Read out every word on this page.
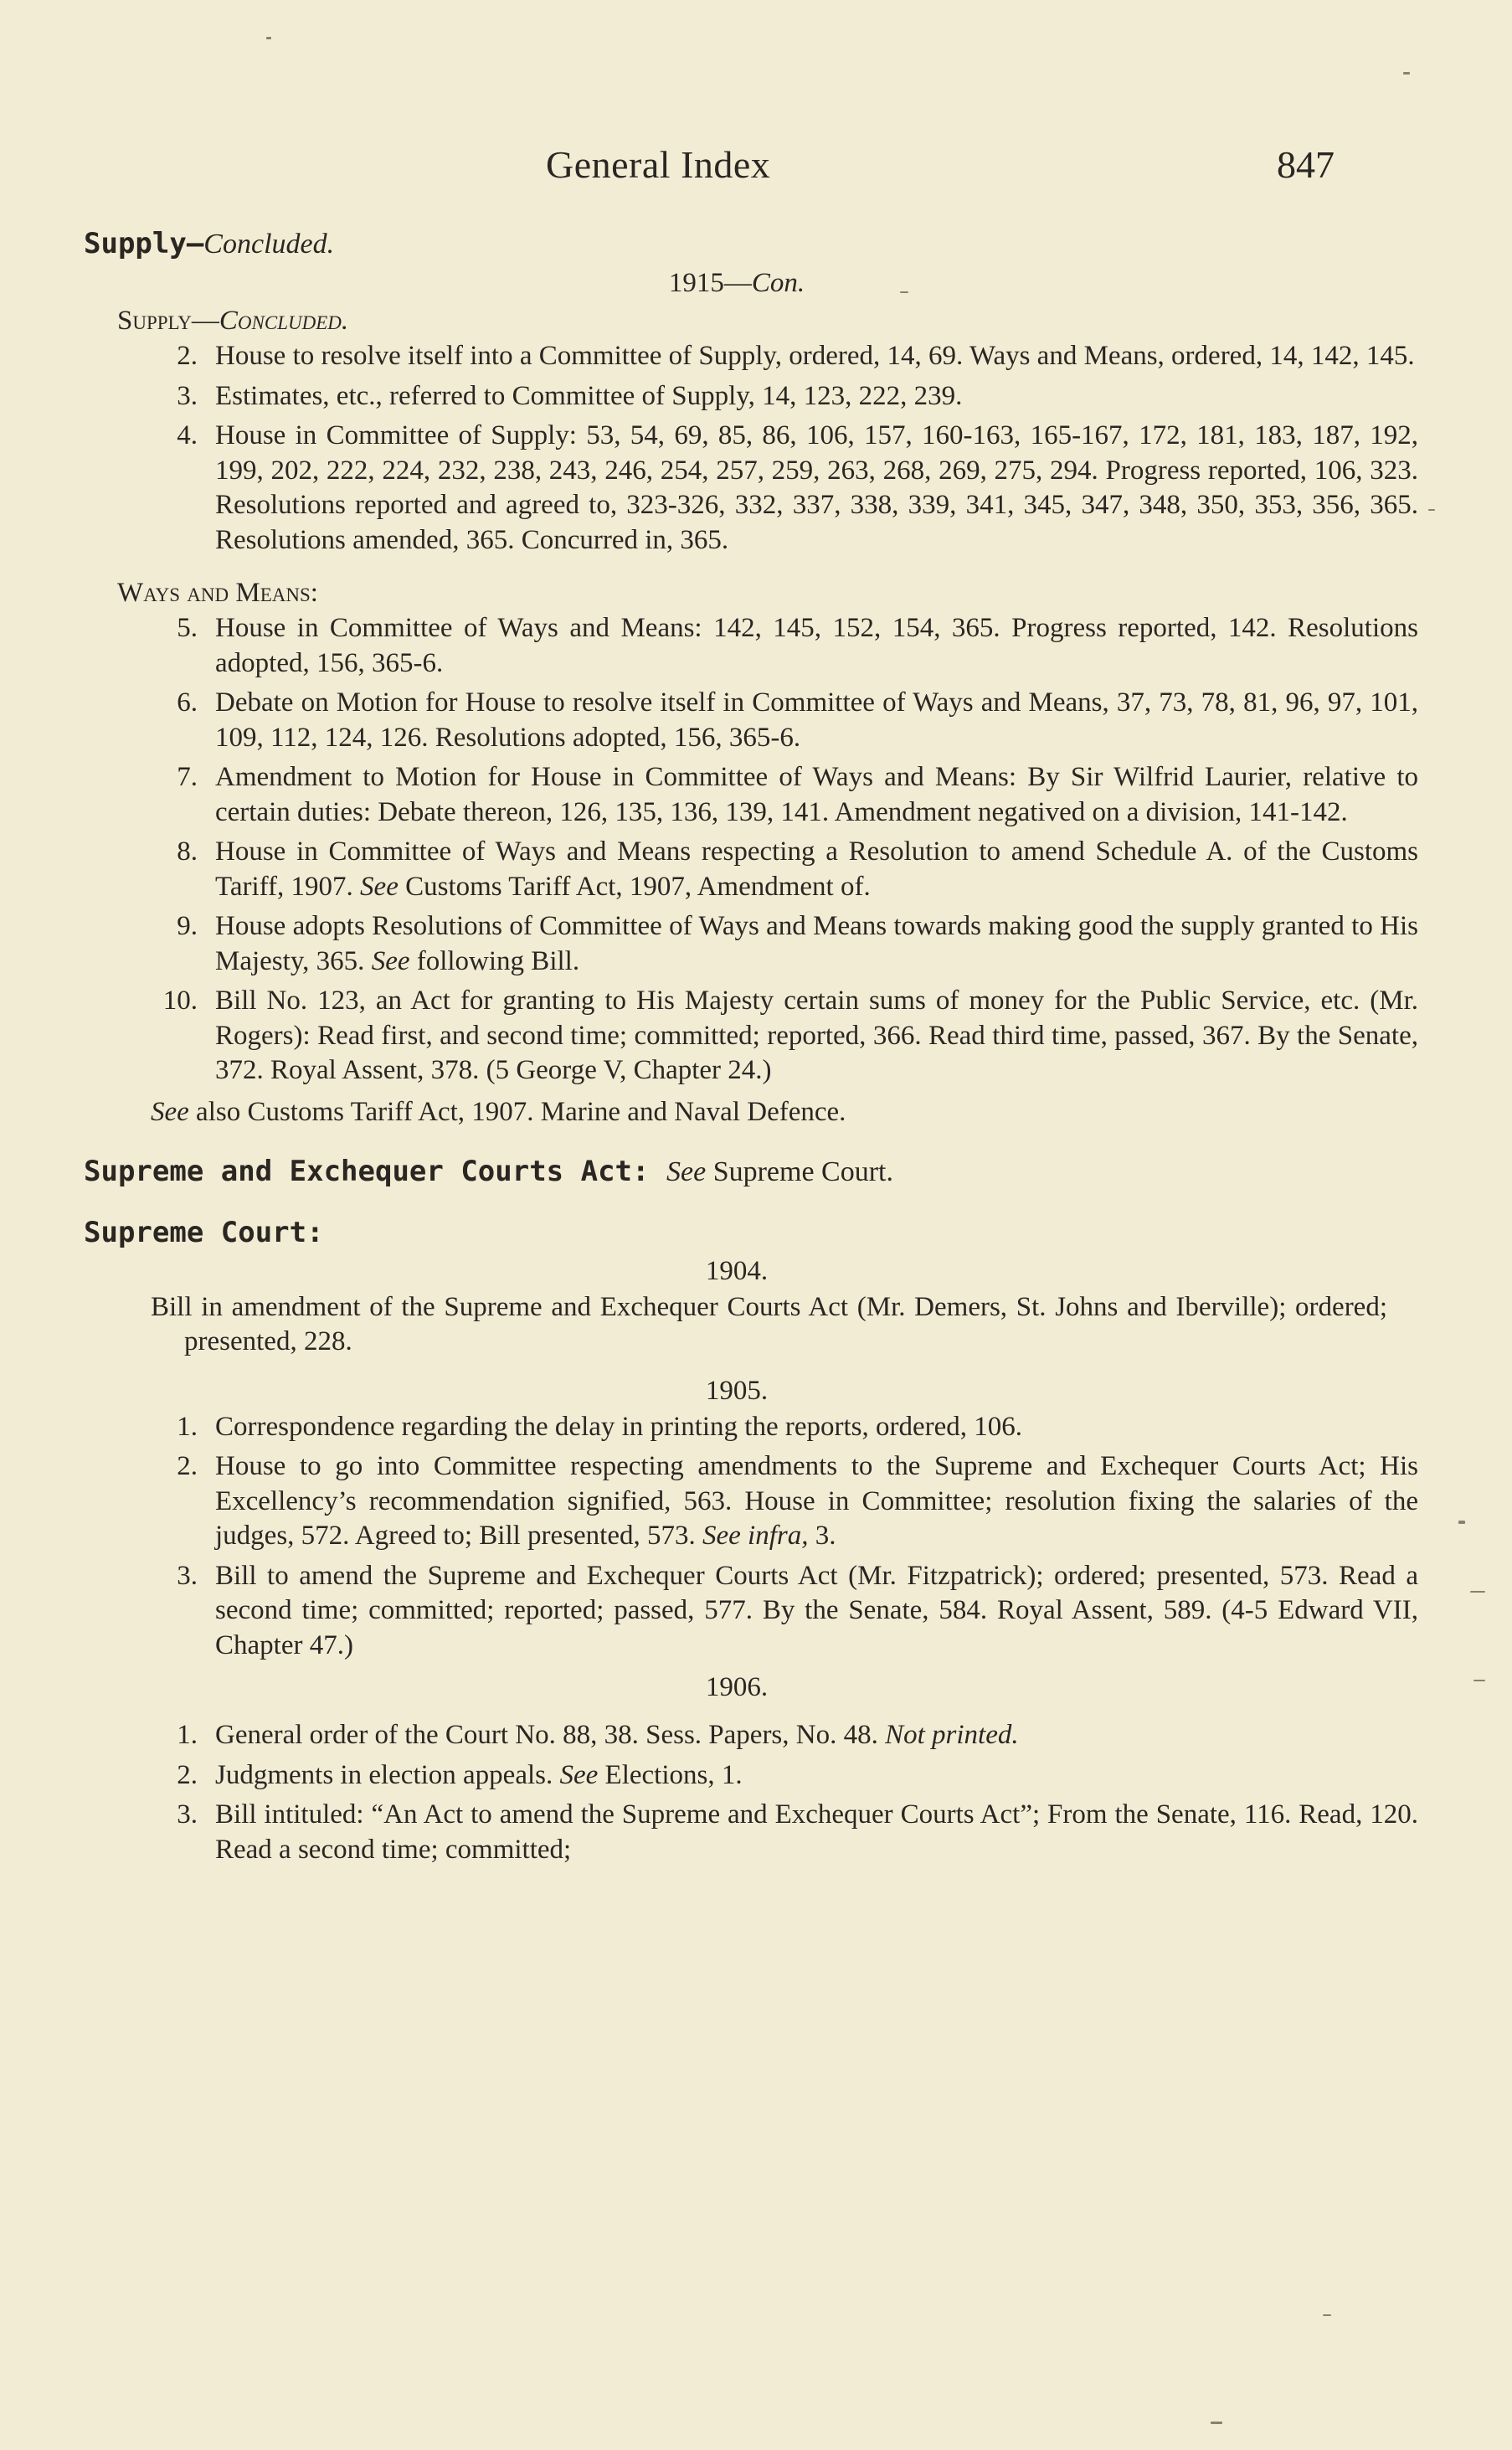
General Index	847
Supply—Concluded.
1915—Con.
Supply—Concluded.
2. House to resolve itself into a Committee of Supply, ordered, 14, 69. Ways and Means, ordered, 14, 142, 145.
3. Estimates, etc., referred to Committee of Supply, 14, 123, 222, 239.
4. House in Committee of Supply: 53, 54, 69, 85, 86, 106, 157, 160-163, 165-167, 172, 181, 183, 187, 192, 199, 202, 222, 224, 232, 238, 243, 246, 254, 257, 259, 263, 268, 269, 275, 294. Progress reported, 106, 323. Resolutions reported and agreed to, 323-326, 332, 337, 338, 339, 341, 345, 347, 348, 350, 353, 356, 365. Resolutions amended, 365. Concurred in, 365.
Ways and Means:
5. House in Committee of Ways and Means: 142, 145, 152, 154, 365. Progress reported, 142. Resolutions adopted, 156, 365-6.
6. Debate on Motion for House to resolve itself in Committee of Ways and Means, 37, 73, 78, 81, 96, 97, 101, 109, 112, 124, 126. Resolutions adopted, 156, 365-6.
7. Amendment to Motion for House in Committee of Ways and Means: By Sir Wilfrid Laurier, relative to certain duties: Debate thereon, 126, 135, 136, 139, 141. Amendment negatived on a division, 141-142.
8. House in Committee of Ways and Means respecting a Resolution to amend Schedule A. of the Customs Tariff, 1907. See Customs Tariff Act, 1907, Amendment of.
9. House adopts Resolutions of Committee of Ways and Means towards making good the supply granted to His Majesty, 365. See following Bill.
10. Bill No. 123, an Act for granting to His Majesty certain sums of money for the Public Service, etc. (Mr. Rogers): Read first, and second time; committed; reported, 366. Read third time, passed, 367. By the Senate, 372. Royal Assent, 378. (5 George V, Chapter 24.)
See also Customs Tariff Act, 1907. Marine and Naval Defence.
Supreme and Exchequer Courts Act: See Supreme Court.
Supreme Court:
1904.
Bill in amendment of the Supreme and Exchequer Courts Act (Mr. Demers, St. Johns and Iberville); ordered; presented, 228.
1905.
1. Correspondence regarding the delay in printing the reports, ordered, 106.
2. House to go into Committee respecting amendments to the Supreme and Exchequer Courts Act; His Excellency’s recommendation signified, 563. House in Committee; resolution fixing the salaries of the judges, 572. Agreed to; Bill presented, 573. See infra, 3.
3. Bill to amend the Supreme and Exchequer Courts Act (Mr. Fitzpatrick); ordered; presented, 573. Read a second time; committed; reported; passed, 577. By the Senate, 584. Royal Assent, 589. (4-5 Edward VII, Chapter 47.)
1906.
1. General order of the Court No. 88, 38. Sess. Papers, No. 48. Not printed.
2. Judgments in election appeals. See Elections, 1.
3. Bill intituled: “An Act to amend the Supreme and Exchequer Courts Act”; From the Senate, 116. Read, 120. Read a second time; committed;
